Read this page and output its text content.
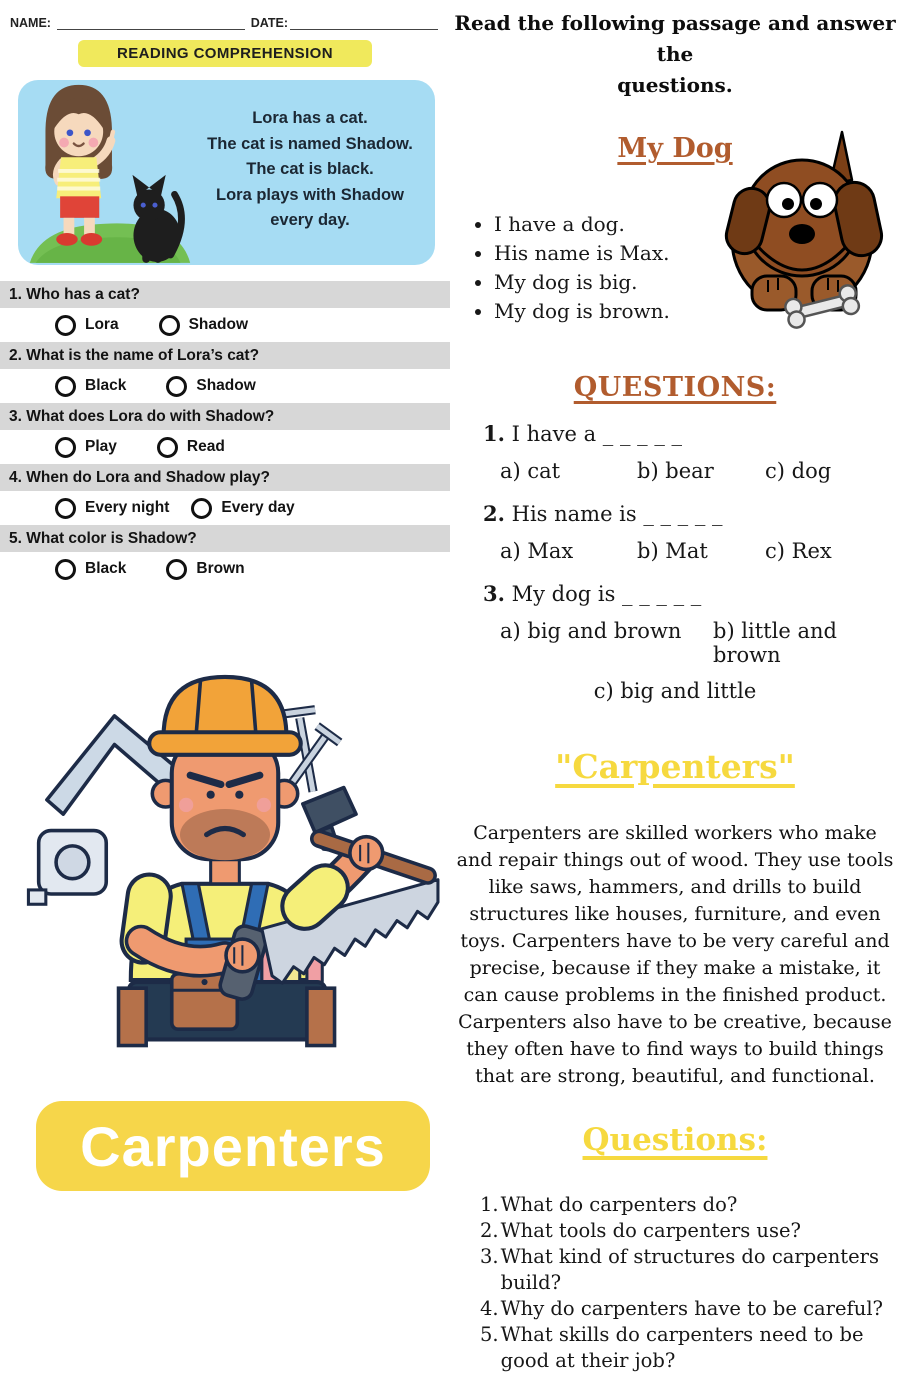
NAME:	DATE:
READING COMPREHENSION
Lora has a cat.
The cat is named Shadow.
The cat is black.
Lora plays with Shadow
every day.
1. Who has a cat?
Lora	Shadow
2. What is the name of Lora’s cat?
Black	Shadow
3. What does Lora do with Shadow?
Play	Read
4. When do Lora and Shadow play?
Every night	Every day
5. What color is Shadow?
Black	Brown
Carpenters
Read the following passage and answer the
questions.
My Dog
• I have a dog.
• His name is Max.
• My dog is big.
• My dog is brown.
QUESTIONS:
1. I have a _ _ _ _ _
a) cat	b) bear	c) dog
2. His name is _ _ _ _ _
a) Max	b) Mat	c) Rex
3. My dog is _ _ _ _ _
a) big and brown	b) little and brown
c) big and little
"Carpenters"
Carpenters are skilled workers who make and repair things out of wood. They use tools like saws, hammers, and drills to build structures like houses, furniture, and even toys. Carpenters have to be very careful and precise, because if they make a mistake, it can cause problems in the finished product. Carpenters also have to be creative, because they often have to find ways to build things that are strong, beautiful, and functional.
Questions:
1. What do carpenters do?
2. What tools do carpenters use?
3. What kind of structures do carpenters build?
4. Why do carpenters have to be careful?
5. What skills do carpenters need to be good at their job?
